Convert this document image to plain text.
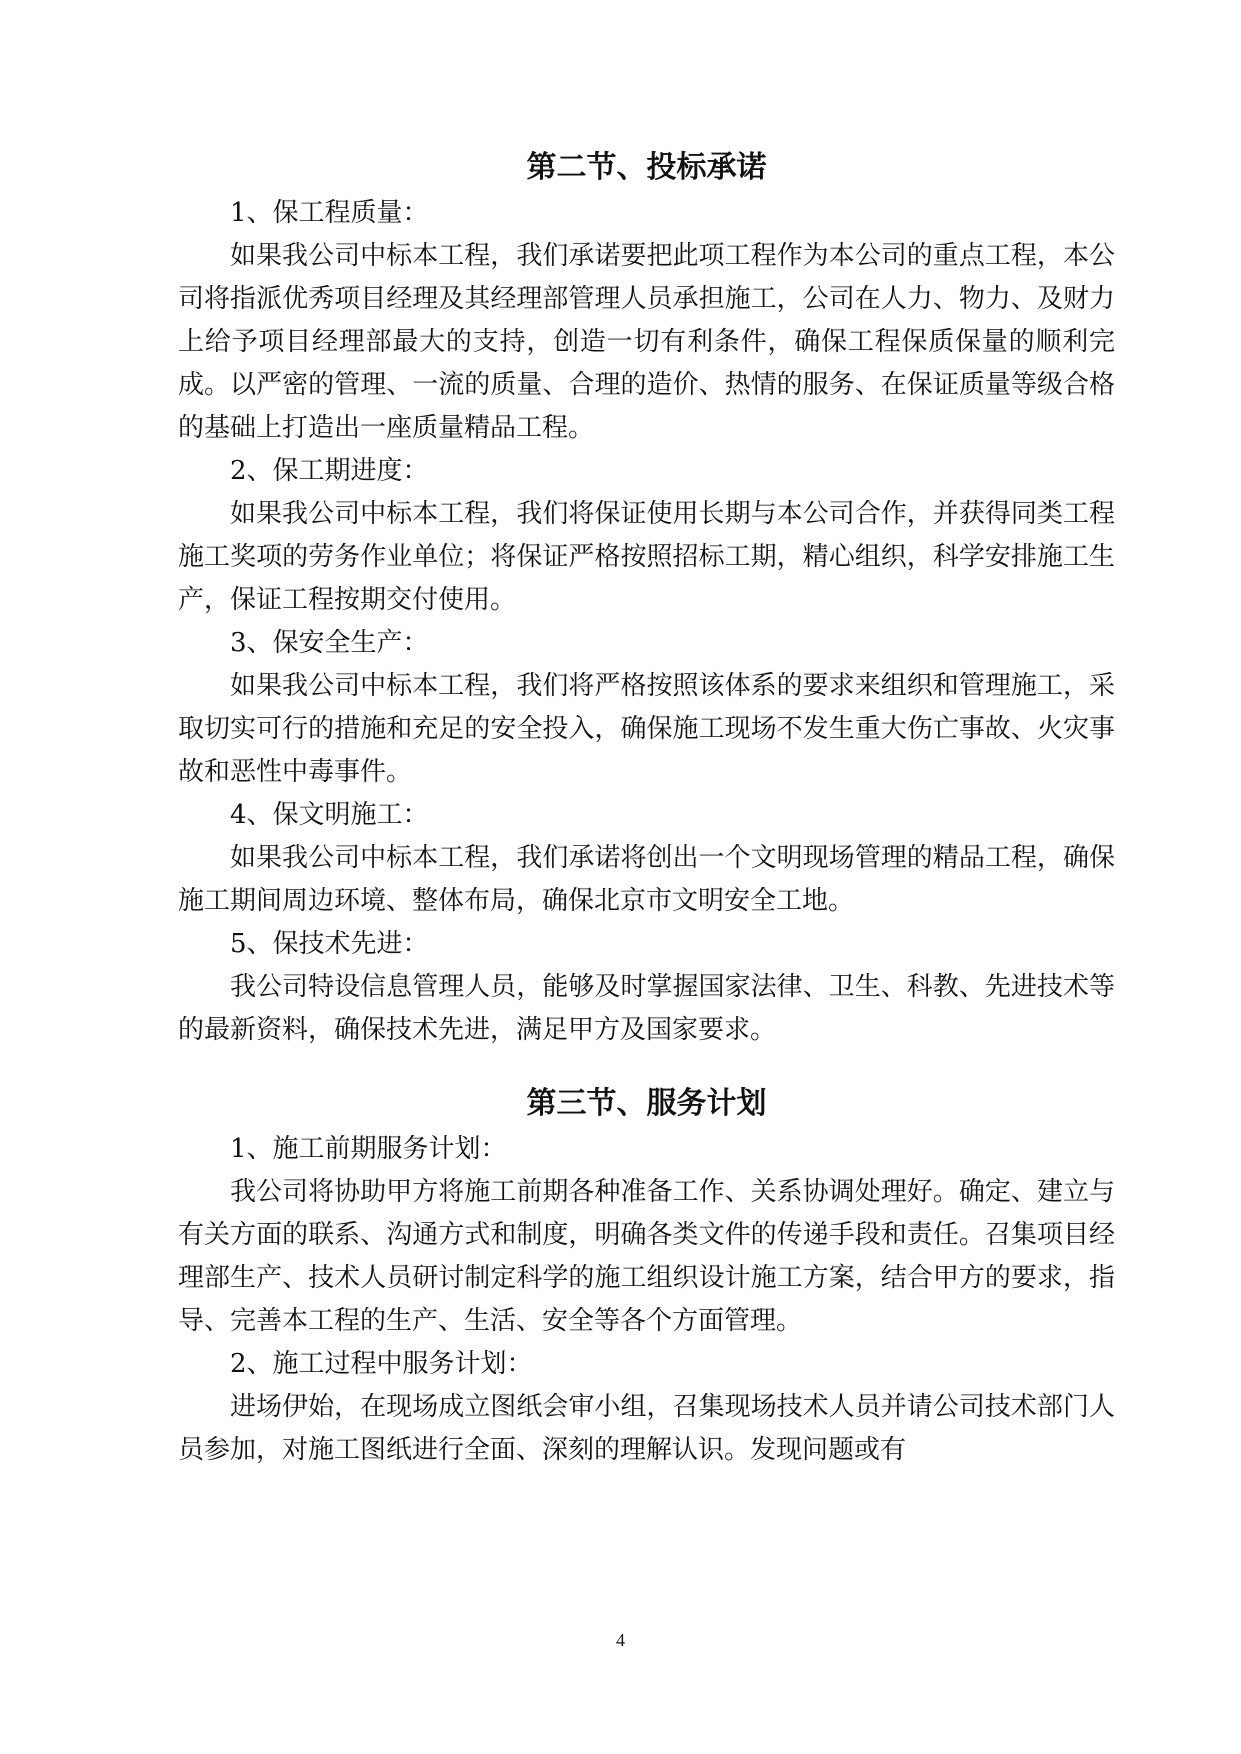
第二节、投标承诺

1、保工程质量：

如果我公司中标本工程，我们承诺要把此项工程作为本公司的重点工程，本公司将指派优秀项目经理及其经理部管理人员承担施工，公司在人力、物力、及财力上给予项目经理部最大的支持，创造一切有利条件，确保工程保质保量的顺利完成。以严密的管理、一流的质量、合理的造价、热情的服务、在保证质量等级合格的基础上打造出一座质量精品工程。

2、保工期进度：

如果我公司中标本工程，我们将保证使用长期与本公司合作，并获得同类工程施工奖项的劳务作业单位；将保证严格按照招标工期，精心组织，科学安排施工生产，保证工程按期交付使用。

3、保安全生产：

如果我公司中标本工程，我们将严格按照该体系的要求来组织和管理施工，采取切实可行的措施和充足的安全投入，确保施工现场不发生重大伤亡事故、火灾事故和恶性中毒事件。

4、保文明施工：

如果我公司中标本工程，我们承诺将创出一个文明现场管理的精品工程，确保施工期间周边环境、整体布局，确保北京市文明安全工地。

5、保技术先进：

我公司特设信息管理人员，能够及时掌握国家法律、卫生、科教、先进技术等的最新资料，确保技术先进，满足甲方及国家要求。

第三节、服务计划

1、施工前期服务计划：

我公司将协助甲方将施工前期各种准备工作、关系协调处理好。确定、建立与有关方面的联系、沟通方式和制度，明确各类文件的传递手段和责任。召集项目经理部生产、技术人员研讨制定科学的施工组织设计施工方案，结合甲方的要求，指导、完善本工程的生产、生活、安全等各个方面管理。

2、施工过程中服务计划：

进场伊始，在现场成立图纸会审小组，召集现场技术人员并请公司技术部门人员参加，对施工图纸进行全面、深刻的理解认识。发现问题或有

4
